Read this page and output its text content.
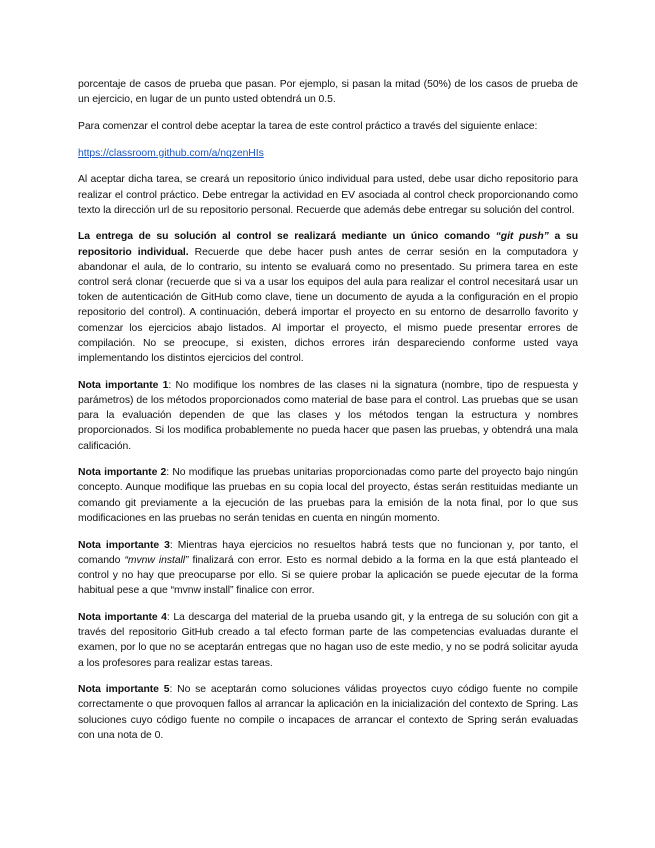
porcentaje de casos de prueba que pasan. Por ejemplo, si pasan la mitad (50%) de los casos de prueba de un ejercicio, en lugar de un punto usted obtendrá un 0.5.

Para comenzar el control debe aceptar la tarea de este control práctico a través del siguiente enlace:

https://classroom.github.com/a/nqzenHIs

Al aceptar dicha tarea, se creará un repositorio único individual para usted, debe usar dicho repositorio para realizar el control práctico. Debe entregar la actividad en EV asociada al control check proporcionando como texto la dirección url de su repositorio personal. Recuerde que además debe entregar su solución del control.

La entrega de su solución al control se realizará mediante un único comando “git push” a su repositorio individual. Recuerde que debe hacer push antes de cerrar sesión en la computadora y abandonar el aula, de lo contrario, su intento se evaluará como no presentado. Su primera tarea en este control será clonar (recuerde que si va a usar los equipos del aula para realizar el control necesitará usar un token de autenticación de GitHub como clave, tiene un documento de ayuda a la configuración en el propio repositorio del control). A continuación, deberá importar el proyecto en su entorno de desarrollo favorito y comenzar los ejercicios abajo listados. Al importar el proyecto, el mismo puede presentar errores de compilación. No se preocupe, si existen, dichos errores irán despareciendo conforme usted vaya implementando los distintos ejercicios del control.

Nota importante 1: No modifique los nombres de las clases ni la signatura (nombre, tipo de respuesta y parámetros) de los métodos proporcionados como material de base para el control. Las pruebas que se usan para la evaluación dependen de que las clases y los métodos tengan la estructura y nombres proporcionados. Si los modifica probablemente no pueda hacer que pasen las pruebas, y obtendrá una mala calificación.

Nota importante 2: No modifique las pruebas unitarias proporcionadas como parte del proyecto bajo ningún concepto. Aunque modifique las pruebas en su copia local del proyecto, éstas serán restituidas mediante un comando git previamente a la ejecución de las pruebas para la emisión de la nota final, por lo que sus modificaciones en las pruebas no serán tenidas en cuenta en ningún momento.

Nota importante 3: Mientras haya ejercicios no resueltos habrá tests que no funcionan y, por tanto, el comando “mvnw install” finalizará con error. Esto es normal debido a la forma en la que está planteado el control y no hay que preocuparse por ello. Si se quiere probar la aplicación se puede ejecutar de la forma habitual pese a que “mvnw install” finalice con error.

Nota importante 4: La descarga del material de la prueba usando git, y la entrega de su solución con git a través del repositorio GitHub creado a tal efecto forman parte de las competencias evaluadas durante el examen, por lo que no se aceptarán entregas que no hagan uso de este medio, y no se podrá solicitar ayuda a los profesores para realizar estas tareas.

Nota importante 5: No se aceptarán como soluciones válidas proyectos cuyo código fuente no compile correctamente o que provoquen fallos al arrancar la aplicación en la inicialización del contexto de Spring. Las soluciones cuyo código fuente no compile o incapaces de arrancar el contexto de Spring serán evaluadas con una nota de 0.
